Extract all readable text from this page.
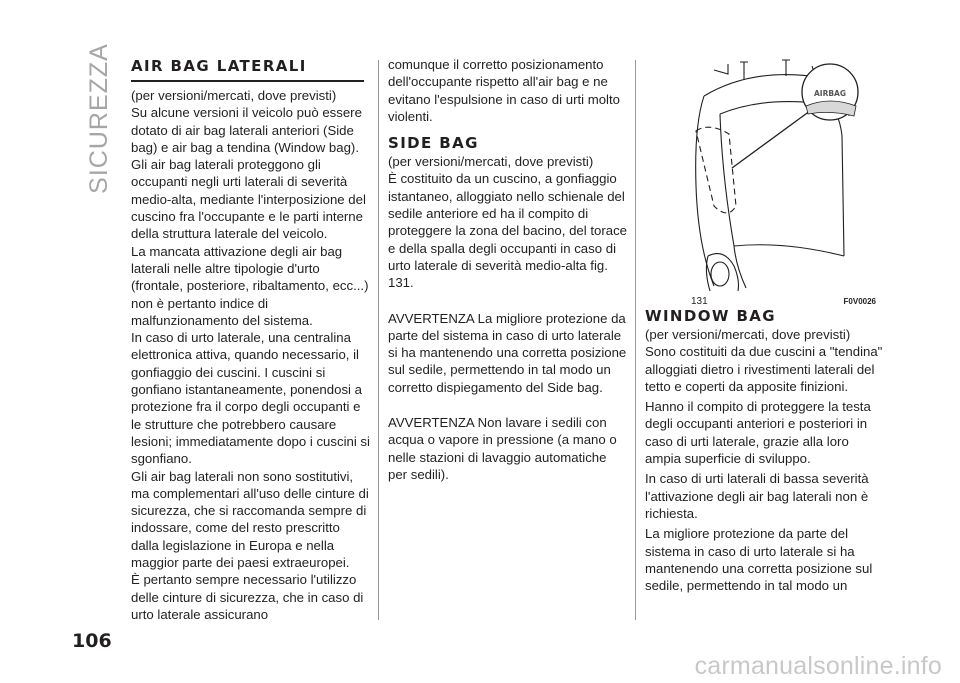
SICUREZZA AIR BAG LATERALI

(per versioni/mercati, dove previsti)

Su alcune versioni il veicolo può essere dotato di air bag laterali anteriori (Side bag) e air bag a tendina (Window bag). Gli air bag laterali proteggono gli occupanti negli urti laterali di severità medio-alta, mediante l'interposizione del cuscino fra l'occupante e le parti interne della struttura laterale del veicolo.

La mancata attivazione degli air bag laterali nelle altre tipologie d'urto (frontale, posteriore, ribaltamento, ecc...) non è pertanto indice di malfunzionamento del sistema.

In caso di urto laterale, una centralina elettronica attiva, quando necessario, il gonfiaggio dei cuscini. I cuscini si gonfiano istantaneamente, ponendosi a protezione fra il corpo degli occupanti e le strutture che potrebbero causare lesioni; immediatamente dopo i cuscini si sgonfiano.

Gli air bag laterali non sono sostitutivi, ma complementari all'uso delle cinture di sicurezza, che si raccomanda sempre di indossare, come del resto prescritto dalla legislazione in Europa e nella maggior parte dei paesi extraeuropei.

È pertanto sempre necessario l'utilizzo delle cinture di sicurezza, che in caso di urto laterale assicurano

comunque il corretto posizionamento dell'occupante rispetto all'air bag e ne evitano l'espulsione in caso di urti molto violenti.

SIDE BAG

(per versioni/mercati, dove previsti)

È costituito da un cuscino, a gonfiaggio istantaneo, alloggiato nello schienale del sedile anteriore ed ha il compito di proteggere la zona del bacino, del torace e della spalla degli occupanti in caso di urto laterale di severità medio-alta fig. 131.

AVVERTENZA La migliore protezione da parte del sistema in caso di urto laterale si ha mantenendo una corretta posizione sul sedile, permettendo in tal modo un corretto dispiegamento del Side bag.

AVVERTENZA Non lavare i sedili con acqua o vapore in pressione (a mano o nelle stazioni di lavaggio automatiche per sedili).

AIRBAG
131	F0V0026
WINDOW BAG

(per versioni/mercati, dove previsti)

Sono costituiti da due cuscini a "tendina" alloggiati dietro i rivestimenti laterali del tetto e coperti da apposite finizioni.

Hanno il compito di proteggere la testa degli occupanti anteriori e posteriori in caso di urti laterale, grazie alla loro ampia superficie di sviluppo.

In caso di urti laterali di bassa severità l'attivazione degli air bag laterali non è richiesta.

La migliore protezione da parte del sistema in caso di urto laterale si ha mantenendo una corretta posizione sul sedile, permettendo in tal modo un

106
carmanualsonline.info
